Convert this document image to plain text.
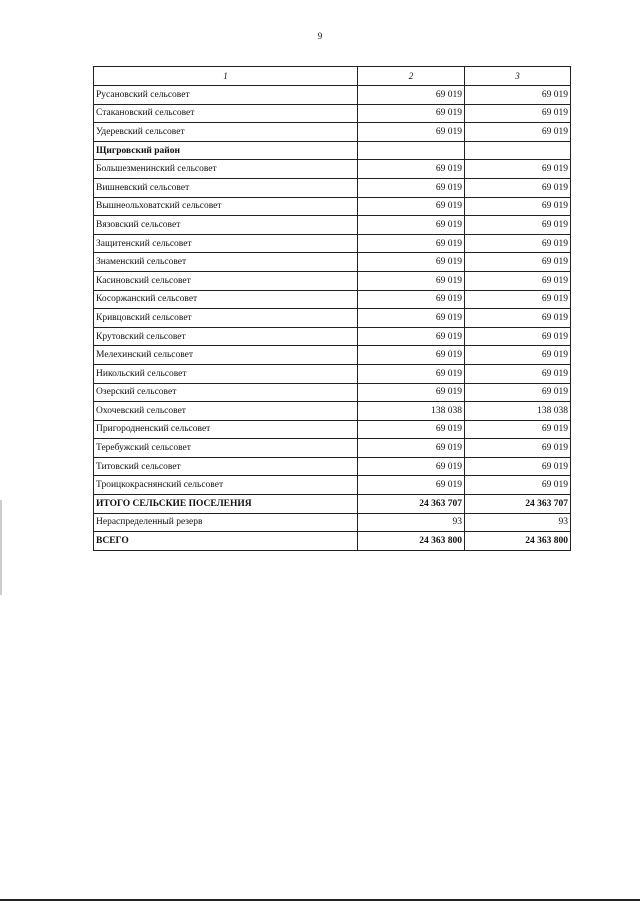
9
1	2	3
Русановский сельсовет	69 019	69 019
Стакановский сельсовет	69 019	69 019
Удеревский сельсовет	69 019	69 019
Щигровский район		
Большезменинский сельсовет	69 019	69 019
Вишневский сельсовет	69 019	69 019
Вышнеольховатский сельсовет	69 019	69 019
Вязовский сельсовет	69 019	69 019
Защитенский сельсовет	69 019	69 019
Знаменский сельсовет	69 019	69 019
Касиновский сельсовет	69 019	69 019
Косоржанский сельсовет	69 019	69 019
Кривцовский сельсовет	69 019	69 019
Крутовский сельсовет	69 019	69 019
Мелехинский сельсовет	69 019	69 019
Никольский сельсовет	69 019	69 019
Озерский сельсовет	69 019	69 019
Охочевский сельсовет	138 038	138 038
Пригородненский сельсовет	69 019	69 019
Теребужский сельсовет	69 019	69 019
Титовский сельсовет	69 019	69 019
Троицкокраснянский сельсовет	69 019	69 019
ИТОГО СЕЛЬСКИЕ ПОСЕЛЕНИЯ	24 363 707	24 363 707
Нераспределенный резерв	93	93
ВСЕГО	24 363 800	24 363 800
